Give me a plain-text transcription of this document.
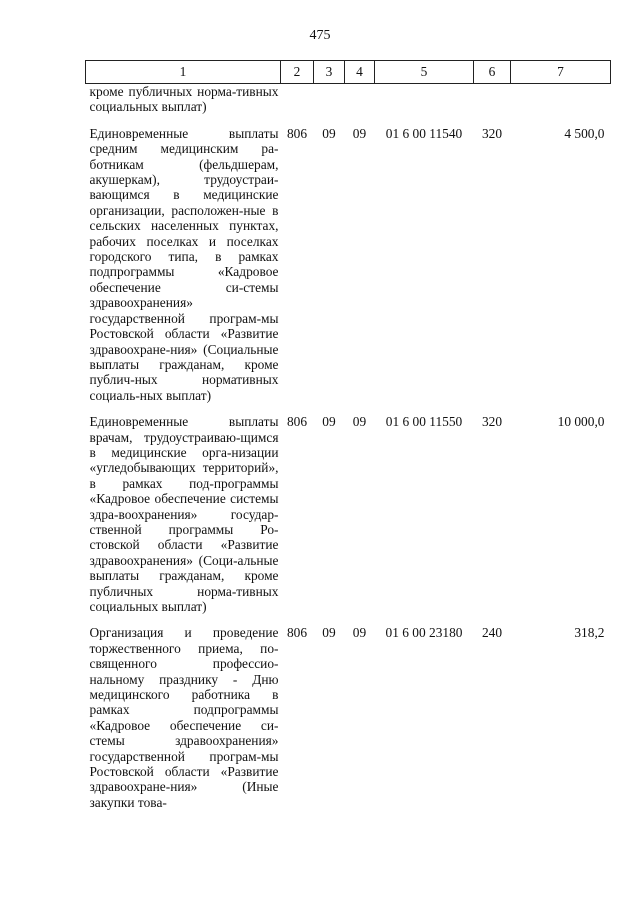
475
1	2	3	4	5	6	7
кроме публичных норма-тивных социальных выплат)						
Единовременные выплаты средним медицинским ра-ботникам (фельдшерам, акушеркам), трудоустраи-вающимся в медицинские организации, расположен-ные в сельских населенных пунктах, рабочих поселках и поселках городского типа, в рамках подпрограммы «Кадровое обеспечение си-стемы здравоохранения» государственной програм-мы Ростовской области «Развитие здравоохране-ния» (Социальные выплаты гражданам, кроме публич-ных нормативных социаль-ных выплат)	806	09	09	01 6 00 11540	320	4 500,0
Единовременные выплаты врачам, трудоустраиваю-щимся в медицинские орга-низации «угледобывающих территорий», в рамках под-программы «Кадровое обеспечение системы здра-воохранения» государ-ственной программы Ро-стовской области «Развитие здравоохранения» (Соци-альные выплаты гражданам, кроме публичных норма-тивных социальных выплат)	806	09	09	01 6 00 11550	320	10 000,0
Организация и проведение торжественного приема, по-священного профессио-нальному празднику - Дню медицинского работника в рамках подпрограммы «Кадровое обеспечение си-стемы здравоохранения» государственной програм-мы Ростовской области «Развитие здравоохране-ния» (Иные закупки това-	806	09	09	01 6 00 23180	240	318,2
